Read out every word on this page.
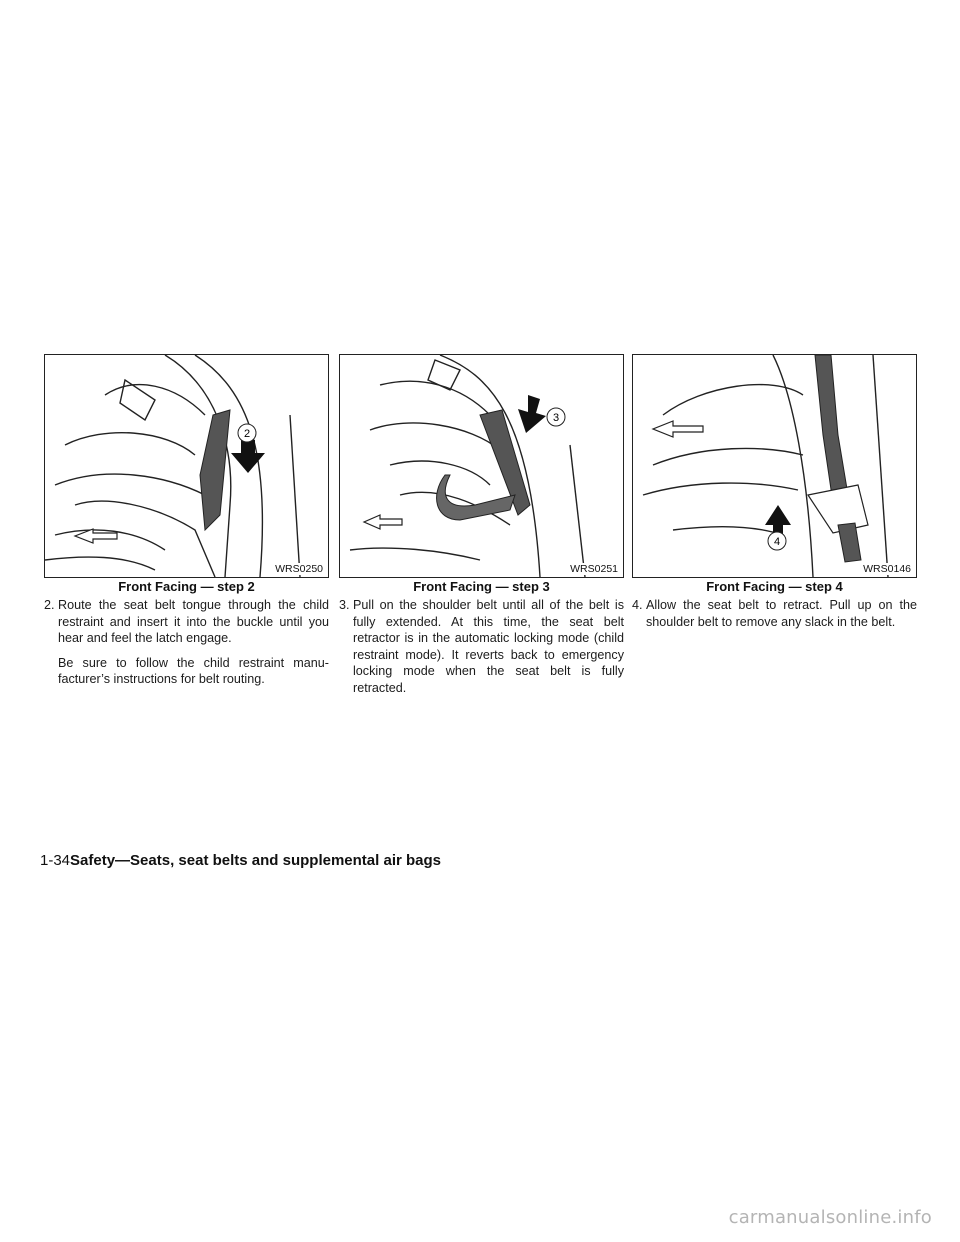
2
WRS0250
Front Facing — step 2

2. Route the seat belt tongue through the child restraint and insert it into the buckle until you hear and feel the latch engage.

Be sure to follow the child restraint manu-facturer’s instructions for belt routing.

3
WRS0251
Front Facing — step 3

3. Pull on the shoulder belt until all of the belt is fully extended. At this time, the seat belt retractor is in the automatic locking mode (child restraint mode). It reverts back to emergency locking mode when the seat belt is fully retracted.

4
WRS0146
Front Facing — step 4

4. Allow the seat belt to retract. Pull up on the shoulder belt to remove any slack in the belt.

1-34Safety—Seats, seat belts and supplemental air bags
carmanualsonline.info
